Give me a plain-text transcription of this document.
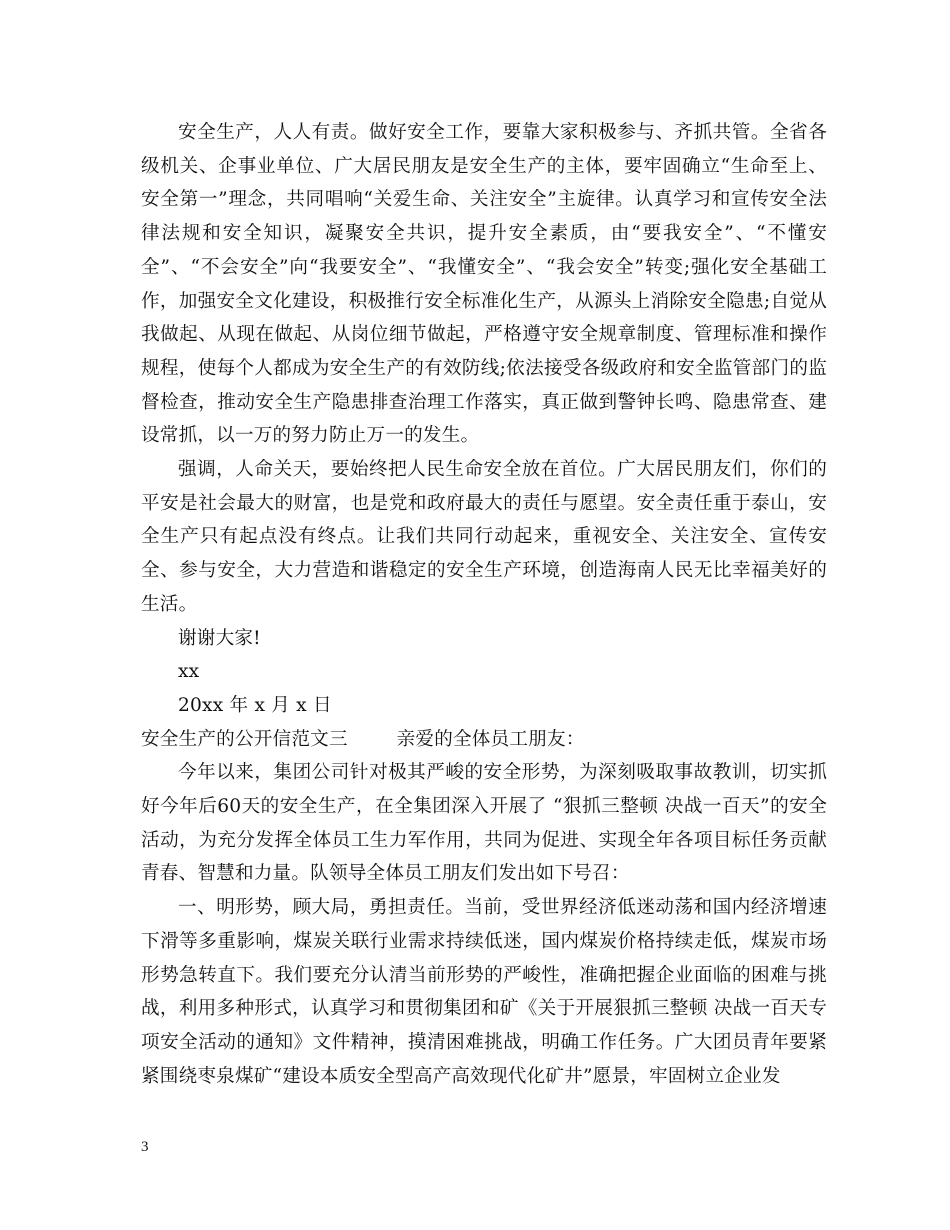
安全生产，人人有责。做好安全工作，要靠大家积极参与、齐抓共管。全省各级机关、企事业单位、广大居民朋友是安全生产的主体，要牢固确立“生命至上、安全第一”理念，共同唱响“关爱生命、关注安全”主旋律。认真学习和宣传安全法律法规和安全知识，凝聚安全共识，提升安全素质，由“要我安全”、“不懂安全”、“不会安全”向“我要安全”、“我懂安全”、“我会安全”转变;强化安全基础工作，加强安全文化建设，积极推行安全标准化生产，从源头上消除安全隐患;自觉从我做起、从现在做起、从岗位细节做起，严格遵守安全规章制度、管理标准和操作规程，使每个人都成为安全生产的有效防线;依法接受各级政府和安全监管部门的监督检查，推动安全生产隐患排查治理工作落实，真正做到警钟长鸣、隐患常查、建设常抓，以一万的努力防止万一的发生。

强调，人命关天，要始终把人民生命安全放在首位。广大居民朋友们，你们的平安是社会最大的财富，也是党和政府最大的责任与愿望。安全责任重于泰山，安全生产只有起点没有终点。让我们共同行动起来，重视安全、关注安全、宣传安全、参与安全，大力营造和谐稳定的安全生产环境，创造海南人民无比幸福美好的生活。

谢谢大家!

xx

20xx 年 x 月 x 日

安全生产的公开信范文三        亲爱的全体员工朋友：

今年以来，集团公司针对极其严峻的安全形势，为深刻吸取事故教训，切实抓好今年后60天的安全生产，在全集团深入开展了 “狠抓三整顿 决战一百天”的安全活动，为充分发挥全体员工生力军作用，共同为促进、实现全年各项目标任务贡献青春、智慧和力量。队领导全体员工朋友们发出如下号召：

一、明形势，顾大局，勇担责任。当前，受世界经济低迷动荡和国内经济增速下滑等多重影响，煤炭关联行业需求持续低迷，国内煤炭价格持续走低，煤炭市场形势急转直下。我们要充分认清当前形势的严峻性，准确把握企业面临的困难与挑战，利用多种形式，认真学习和贯彻集团和矿《关于开展狠抓三整顿 决战一百天专项安全活动的通知》文件精神，摸清困难挑战，明确工作任务。广大团员青年要紧紧围绕枣泉煤矿“建设本质安全型高产高效现代化矿井”愿景，牢固树立企业发

3
